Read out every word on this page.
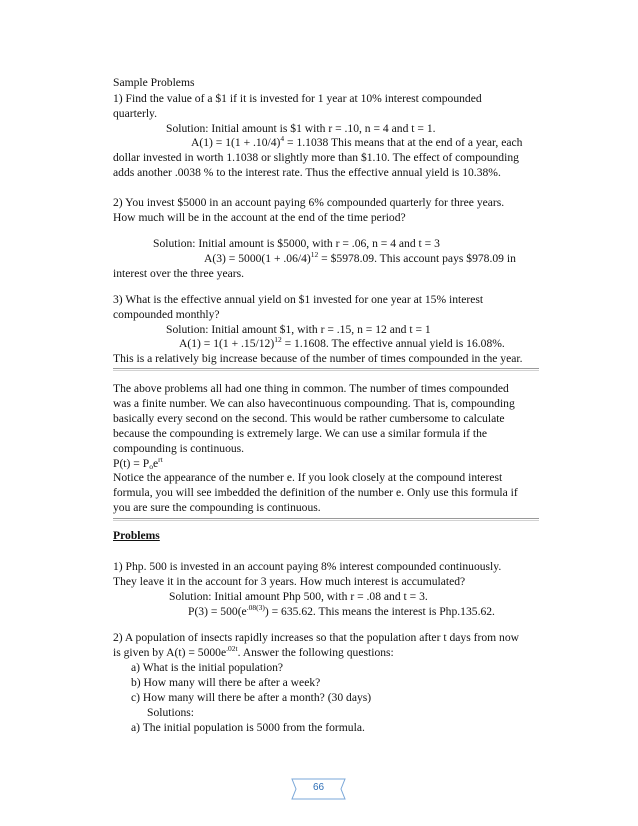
Sample Problems
1) Find the value of a $1 if it is invested for 1 year at 10% interest compounded
quarterly.
Solution: Initial amount is $1 with r = .10, n = 4 and t = 1.
$A(1) = 1(1 + .10/4)^4 = 1.1038$ This means that at the end of a year, each
dollar invested in worth 1.1038 or slightly more than $1.10. The effect of compounding
adds another .0038 % to the interest rate. Thus the effective annual yield is 10.38%.
2) You invest $5000 in an account paying 6% compounded quarterly for three years.
How much will be in the account at the end of the time period?
Solution: Initial amount is $5000, with r = .06, n = 4 and t = 3
$A(3) = 5000(1 + .06/4)^{12}$ = $5978.09. This account pays $978.09 in
interest over the three years.
3) What is the effective annual yield on $1 invested for one year at 15% interest
compounded monthly?
Solution: Initial amount $1, with r = .15, n = 12 and t = 1
$A(1) = 1(1 + .15/12)^{12} = 1.1608$. The effective annual yield is 16.08%.
This is a relatively big increase because of the number of times compounded in the year.
The above problems all had one thing in common. The number of times compounded
was a finite number. We can also havecontinuous compounding. That is, compounding
basically every second on the second. This would be rather cumbersome to calculate
because the compounding is extremely large. We can use a similar formula if the
compounding is continuous.
$P(t) = P_oe^{rt}$
Notice the appearance of the number e. If you look closely at the compound interest
formula, you will see imbedded the definition of the number e. Only use this formula if
you are sure the compounding is continuous.
Problems
1) Php. 500 is invested in an account paying 8% interest compounded continuously.
They leave it in the account for 3 years. How much interest is accumulated?
Solution: Initial amount Php 500, with r = .08 and t = 3.
$P(3) = 500(e^{.08(3)}) = 635.62$. This means the interest is Php.135.62.
2) A population of insects rapidly increases so that the population after t days from now
is given by $A(t) = 5000e^{.02t}$. Answer the following questions:
a) What is the initial population?
b) How many will there be after a week?
c) How many will there be after a month? (30 days)
Solutions:
a) The initial population is 5000 from the formula.
66
